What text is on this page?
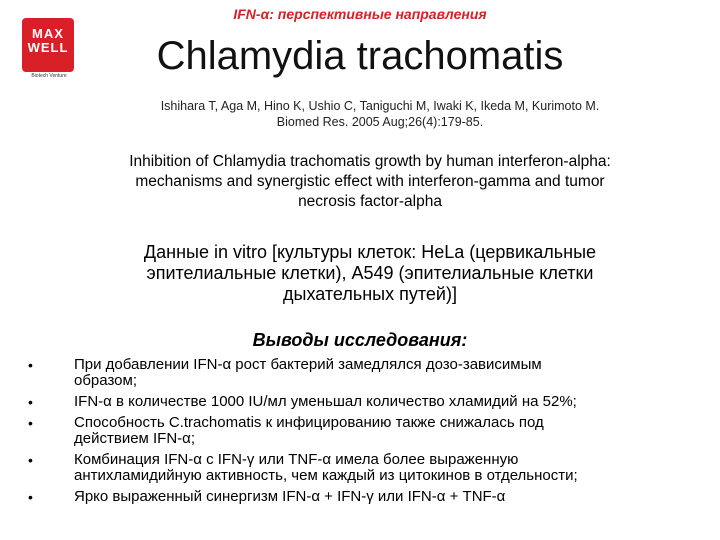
MAX
WELL
Biotech Venture
IFN-α: перспективные направления
Chlamydia trachomatis
Ishihara T, Aga M, Hino K, Ushio C, Taniguchi M, Iwaki K, Ikeda M, Kurimoto M.
Biomed Res. 2005 Aug;26(4):179-85.
Inhibition of Chlamydia trachomatis growth by human interferon-alpha:
mechanisms and synergistic effect with interferon-gamma and tumor
necrosis factor-alpha
Данные in vitro [культуры клеток: HeLa (цервикальные
эпителиальные клетки), A549 (эпителиальные клетки
дыхательных путей)]
Выводы исследования:
•	При добавлении IFN-α рост бактерий замедлялся дозо-зависимым
образом;
•	IFN-α в количестве 1000 IU/мл уменьшал количество хламидий на 52%;
•	Способность C.trachomatis к инфицированию также снижалась под
действием IFN-α;
•	Комбинация IFN-α с IFN-γ или TNF-α имела более выраженную
антихламидийную активность, чем каждый из цитокинов в отдельности;
•	Ярко выраженный синергизм IFN-α + IFN-γ или IFN-α + TNF-α
